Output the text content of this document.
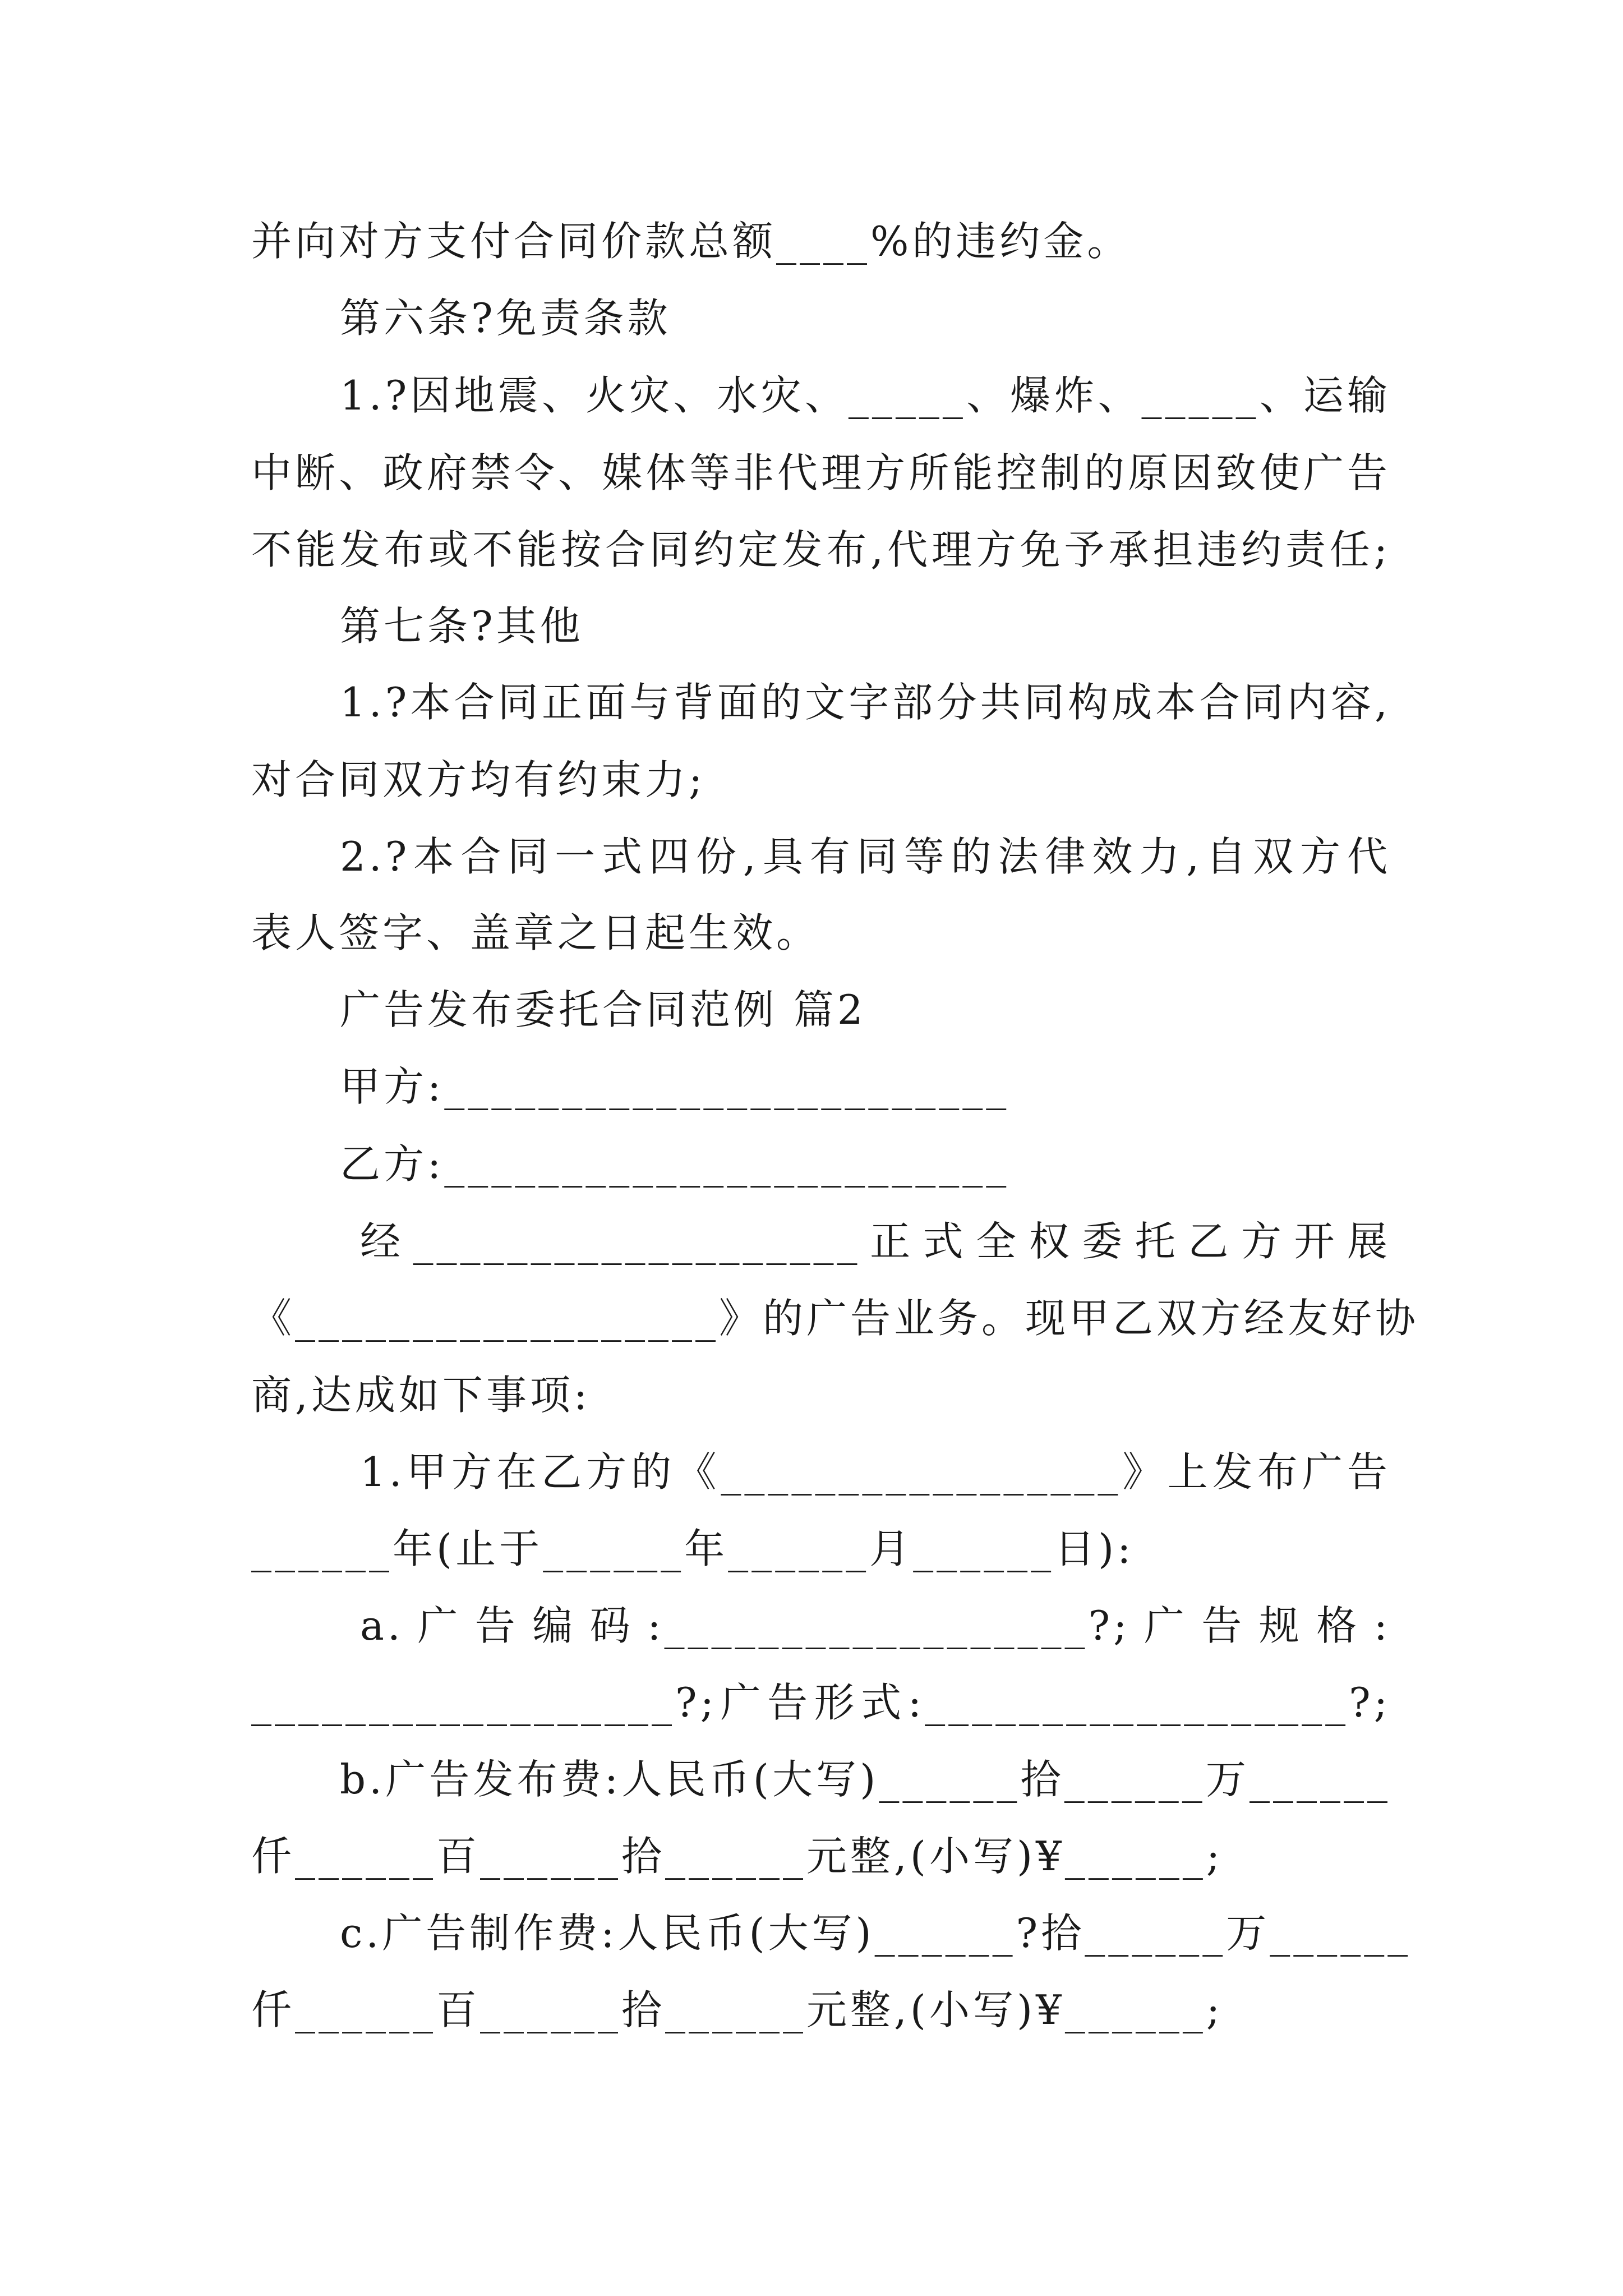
并向对方支付合同价款总额____%的违约金。
第六条?免责条款
1.?因地震、火灾、水灾、_____、爆炸、_____、运输
中断、政府禁令、媒体等非代理方所能控制的原因致使广告
不能发布或不能按合同约定发布,代理方免予承担违约责任;
第七条?其他
1.?本合同正面与背面的文字部分共同构成本合同内容,
对合同双方均有约束力;
2.?本合同一式四份,具有同等的法律效力,自双方代
表人签字、盖章之日起生效。
广告发布委托合同范例 篇2
甲方:________________________
乙方:________________________
经___________________正式全权委托乙方开展
《__________________》的广告业务。现甲乙双方经友好协
商,达成如下事项:
1.甲方在乙方的《_________________》上发布广告
______年(止于______年______月______日):
a.广告编码:__________________?;广告规格:
__________________?;广告形式:__________________?;
b.广告发布费:人民币(大写)______拾______万______
仟______百______拾______元整,(小写)¥______;
c.广告制作费:人民币(大写)______?拾______万______
仟______百______拾______元整,(小写)¥______;
